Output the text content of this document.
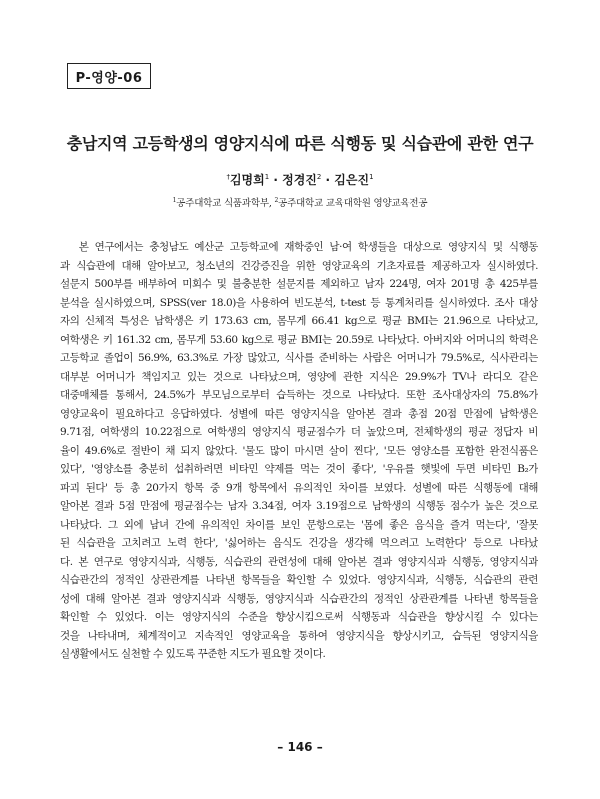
P-영양-06
충남지역 고등학생의 영양지식에 따른 식행동 및 식습관에 관한 연구
†김명희$^1$ · 정경진$^2$ · 김은진$^1$
$^1$공주대학교 식품과학부, $^2$공주대학교 교육대학원 영양교육전공
본 연구에서는 충청남도 예산군 고등학교에 재학중인 남·여 학생들을 대상으로 영양지식 및 식행동
과 식습관에 대해 알아보고, 청소년의 건강증진을 위한 영양교육의 기초자료를 제공하고자 실시하였다.
설문지 500부를 배부하여 미회수 및 불충분한 설문지를 제외하고 남자 224명, 여자 201명 총 425부를
분석을 실시하였으며, SPSS(ver 18.0)을 사용하여 빈도분석, t-test 등 통계처리를 실시하였다. 조사 대상
자의 신체적 특성은 남학생은 키 173.63 cm, 몸무게 66.41 kg으로 평균 BMI는 21.96으로 나타났고,
여학생은 키 161.32 cm, 몸무게 53.60 kg으로 평균 BMI는 20.59로 나타났다. 아버지와 어머니의 학력은
고등학교 졸업이 56.9%, 63.3%로 가장 많았고, 식사를 준비하는 사람은 어머니가 79.5%로, 식사관리는
대부분 어머니가 책임지고 있는 것으로 나타났으며, 영양에 관한 지식은 29.9%가 TV나 라디오 같은
대중매체를 통해서, 24.5%가 부모님으로부터 습득하는 것으로 나타났다. 또한 조사대상자의 75.8%가
영양교육이 필요하다고 응답하였다. 성별에 따른 영양지식을 알아본 결과 총점 20점 만점에 남학생은
9.71점, 여학생의 10.22점으로 여학생의 영양지식 평균점수가 더 높았으며, 전체학생의 평균 정답자 비
율이 49.6%로 절반이 채 되지 않았다. '물도 많이 마시면 살이 찐다', '모든 영양소를 포함한 완전식품은
있다', '영양소를 충분히 섭취하려면 비타민 약제를 먹는 것이 좋다', '우유를 햇빛에 두면 비타민 B₂가
파괴 된다' 등 총 20가지 항목 중 9개 항목에서 유의적인 차이를 보였다. 성별에 따른 식행동에 대해
알아본 결과 5점 만점에 평균점수는 남자 3.34점, 여자 3.19점으로 남학생의 식행동 점수가 높은 것으로
나타났다. 그 외에 남녀 간에 유의적인 차이를 보인 문항으로는 '몸에 좋은 음식을 즐겨 먹는다', '잘못
된 식습관을 고치려고 노력 한다', '싫어하는 음식도 건강을 생각해 먹으려고 노력한다' 등으로 나타났
다. 본 연구로 영양지식과, 식행동, 식습관의 관련성에 대해 알아본 결과 영양지식과 식행동, 영양지식과
식습관간의 정적인 상관관계를 나타낸 항목들을 확인할 수 있었다. 영양지식과, 식행동, 식습관의 관련
성에 대해 알아본 결과 영양지식과 식행동, 영양지식과 식습관간의 정적인 상관관계를 나타낸 항목들을
확인할 수 있었다. 이는 영양지식의 수준을 향상시킴으로써 식행동과 식습관을 향상시킬 수 있다는
것을 나타내며, 체계적이고 지속적인 영양교육을 통하여 영양지식을 향상시키고, 습득된 영양지식을
실생활에서도 실천할 수 있도록 꾸준한 지도가 필요할 것이다.
– 146 –
